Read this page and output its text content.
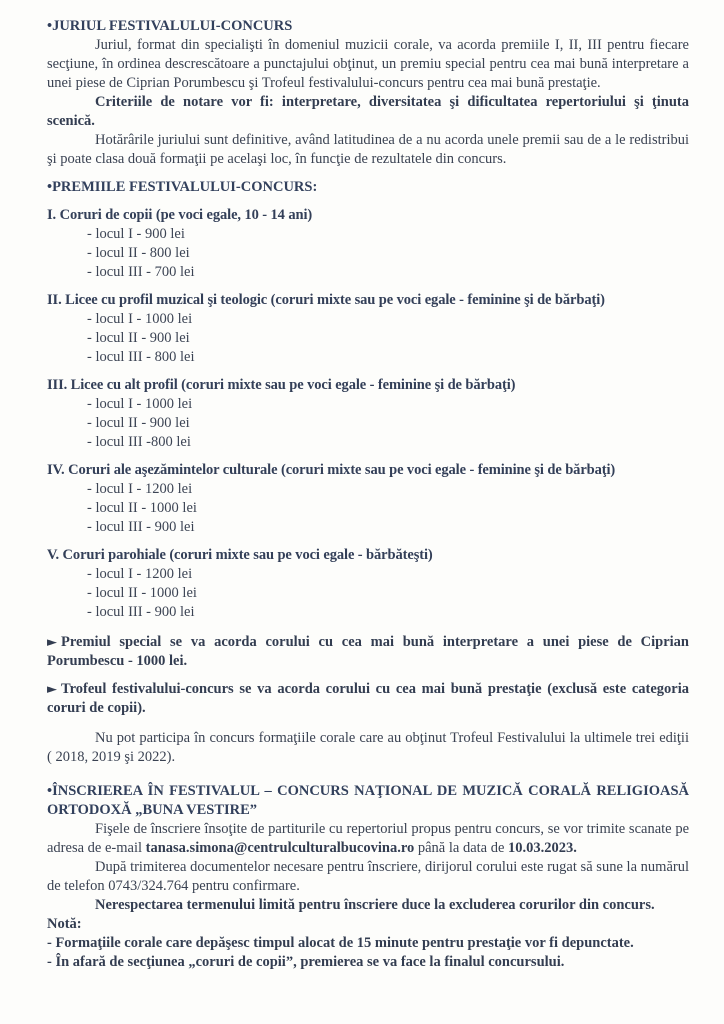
•JURIUL FESTIVALULUI-CONCURS

Juriul, format din specialişti în domeniul muzicii corale, va acorda premiile I, II, III pentru fiecare secţiune, în ordinea descrescătoare a punctajului obţinut, un premiu special pentru cea mai bună interpretare a unei piese de Ciprian Porumbescu şi Trofeul festivalului-concurs pentru cea mai bună prestaţie.

Criteriile de notare vor fi: interpretare, diversitatea şi dificultatea repertoriului şi ţinuta scenică.

Hotărârile juriului sunt definitive, având latitudinea de a nu acorda unele premii sau de a le redistribui şi poate clasa două formaţii pe acelaşi loc, în funcţie de rezultatele din concurs.

•PREMIILE FESTIVALULUI-CONCURS:

I. Coruri de copii (pe voci egale, 10 - 14 ani)

- locul I - 900 lei

- locul II - 800 lei

- locul III - 700 lei

II. Licee cu profil muzical şi teologic (coruri mixte sau pe voci egale - feminine şi de bărbaţi)

- locul I - 1000 lei

- locul II - 900 lei

- locul III - 800 lei

III. Licee cu alt profil (coruri mixte sau pe voci egale - feminine şi de bărbaţi)

- locul I - 1000 lei

- locul II - 900 lei

- locul III -800 lei

IV. Coruri ale aşezămintelor culturale (coruri mixte sau pe voci egale - feminine şi de bărbaţi)

- locul I - 1200 lei

- locul II - 1000 lei

- locul III - 900 lei

V. Coruri parohiale (coruri mixte sau pe voci egale - bărbăteşti)

- locul I - 1200 lei

- locul II - 1000 lei

- locul III - 900 lei

► Premiul special se va acorda corului cu cea mai bună interpretare a unei piese de Ciprian Porumbescu - 1000 lei.

► Trofeul festivalului-concurs se va acorda corului cu cea mai bună prestaţie (exclusă este categoria coruri de copii).

Nu pot participa în concurs formaţiile corale care au obţinut Trofeul Festivalului la ultimele trei ediţii ( 2018, 2019 şi 2022).

•ÎNSCRIEREA ÎN FESTIVALUL – CONCURS NAŢIONAL DE MUZICĂ CORALĂ RELIGIOASĂ ORTODOXĂ „BUNA VESTIRE”

Fişele de înscriere însoţite de partiturile cu repertoriul propus pentru concurs, se vor trimite scanate pe adresa de e-mail tanasa.simona@centrulculturalbucovina.ro până la data de 10.03.2023.

După trimiterea documentelor necesare pentru înscriere, dirijorul corului este rugat să sune la numărul de telefon 0743/324.764 pentru confirmare.

Nerespectarea termenului limită pentru înscriere duce la excluderea corurilor din concurs.

Notă:

- Formaţiile corale care depăşesc timpul alocat de 15 minute pentru prestaţie vor fi depunctate.

- În afară de secţiunea „coruri de copii”, premierea se va face la finalul concursului.
